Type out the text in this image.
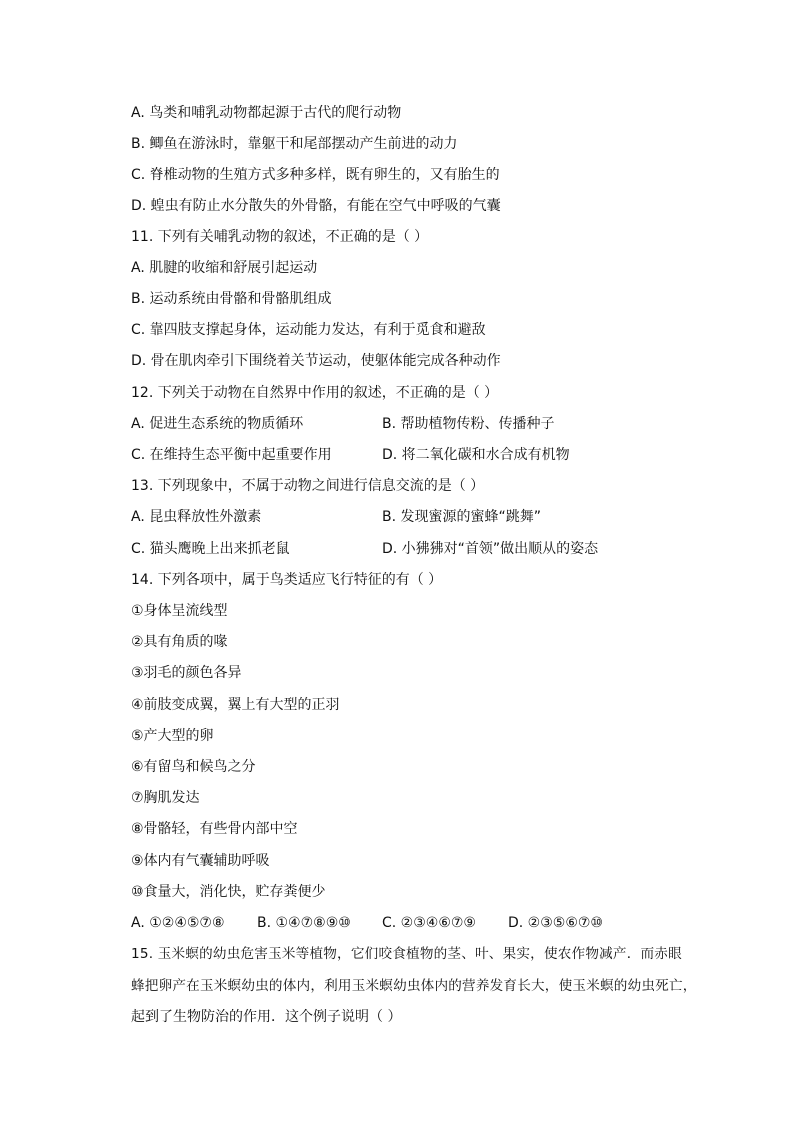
A. 鸟类和哺乳动物都起源于古代的爬行动物
B. 鲫鱼在游泳时，靠躯干和尾部摆动产生前进的动力
C. 脊椎动物的生殖方式多种多样，既有卵生的，又有胎生的
D. 蝗虫有防止水分散失的外骨骼，有能在空气中呼吸的气囊
11. 下列有关哺乳动物的叙述，不正确的是（ ）
A. 肌腱的收缩和舒展引起运动
B. 运动系统由骨骼和骨骼肌组成
C. 靠四肢支撑起身体，运动能力发达，有利于觅食和避敌
D. 骨在肌肉牵引下围绕着关节运动，使躯体能完成各种动作
12. 下列关于动物在自然界中作用的叙述，不正确的是（ ）
A. 促进生态系统的物质循环	B. 帮助植物传粉、传播种子
C. 在维持生态平衡中起重要作用	D. 将二氧化碳和水合成有机物
13. 下列现象中，不属于动物之间进行信息交流的是（ ）
A. 昆虫释放性外激素	B. 发现蜜源的蜜蜂“跳舞”
C. 猫头鹰晚上出来抓老鼠	D. 小狒狒对“首领”做出顺从的姿态
14. 下列各项中，属于鸟类适应飞行特征的有（ ）
①身体呈流线型
②具有角质的喙
③羽毛的颜色各异
④前肢变成翼，翼上有大型的正羽
⑤产大型的卵
⑥有留鸟和候鸟之分
⑦胸肌发达
⑧骨骼轻，有些骨内部中空
⑨体内有气囊辅助呼吸
⑩食量大，消化快，贮存粪便少
A. ①②④⑤⑦⑧ B. ①④⑦⑧⑨⑩ C. ②③④⑥⑦⑨ D. ②③⑤⑥⑦⑩
15. 玉米螟的幼虫危害玉米等植物，它们咬食植物的茎、叶、果实，使农作物减产．而赤眼
蜂把卵产在玉米螟幼虫的体内，利用玉米螟幼虫体内的营养发育长大，使玉米螟的幼虫死亡，
起到了生物防治的作用．这个例子说明（ ）
